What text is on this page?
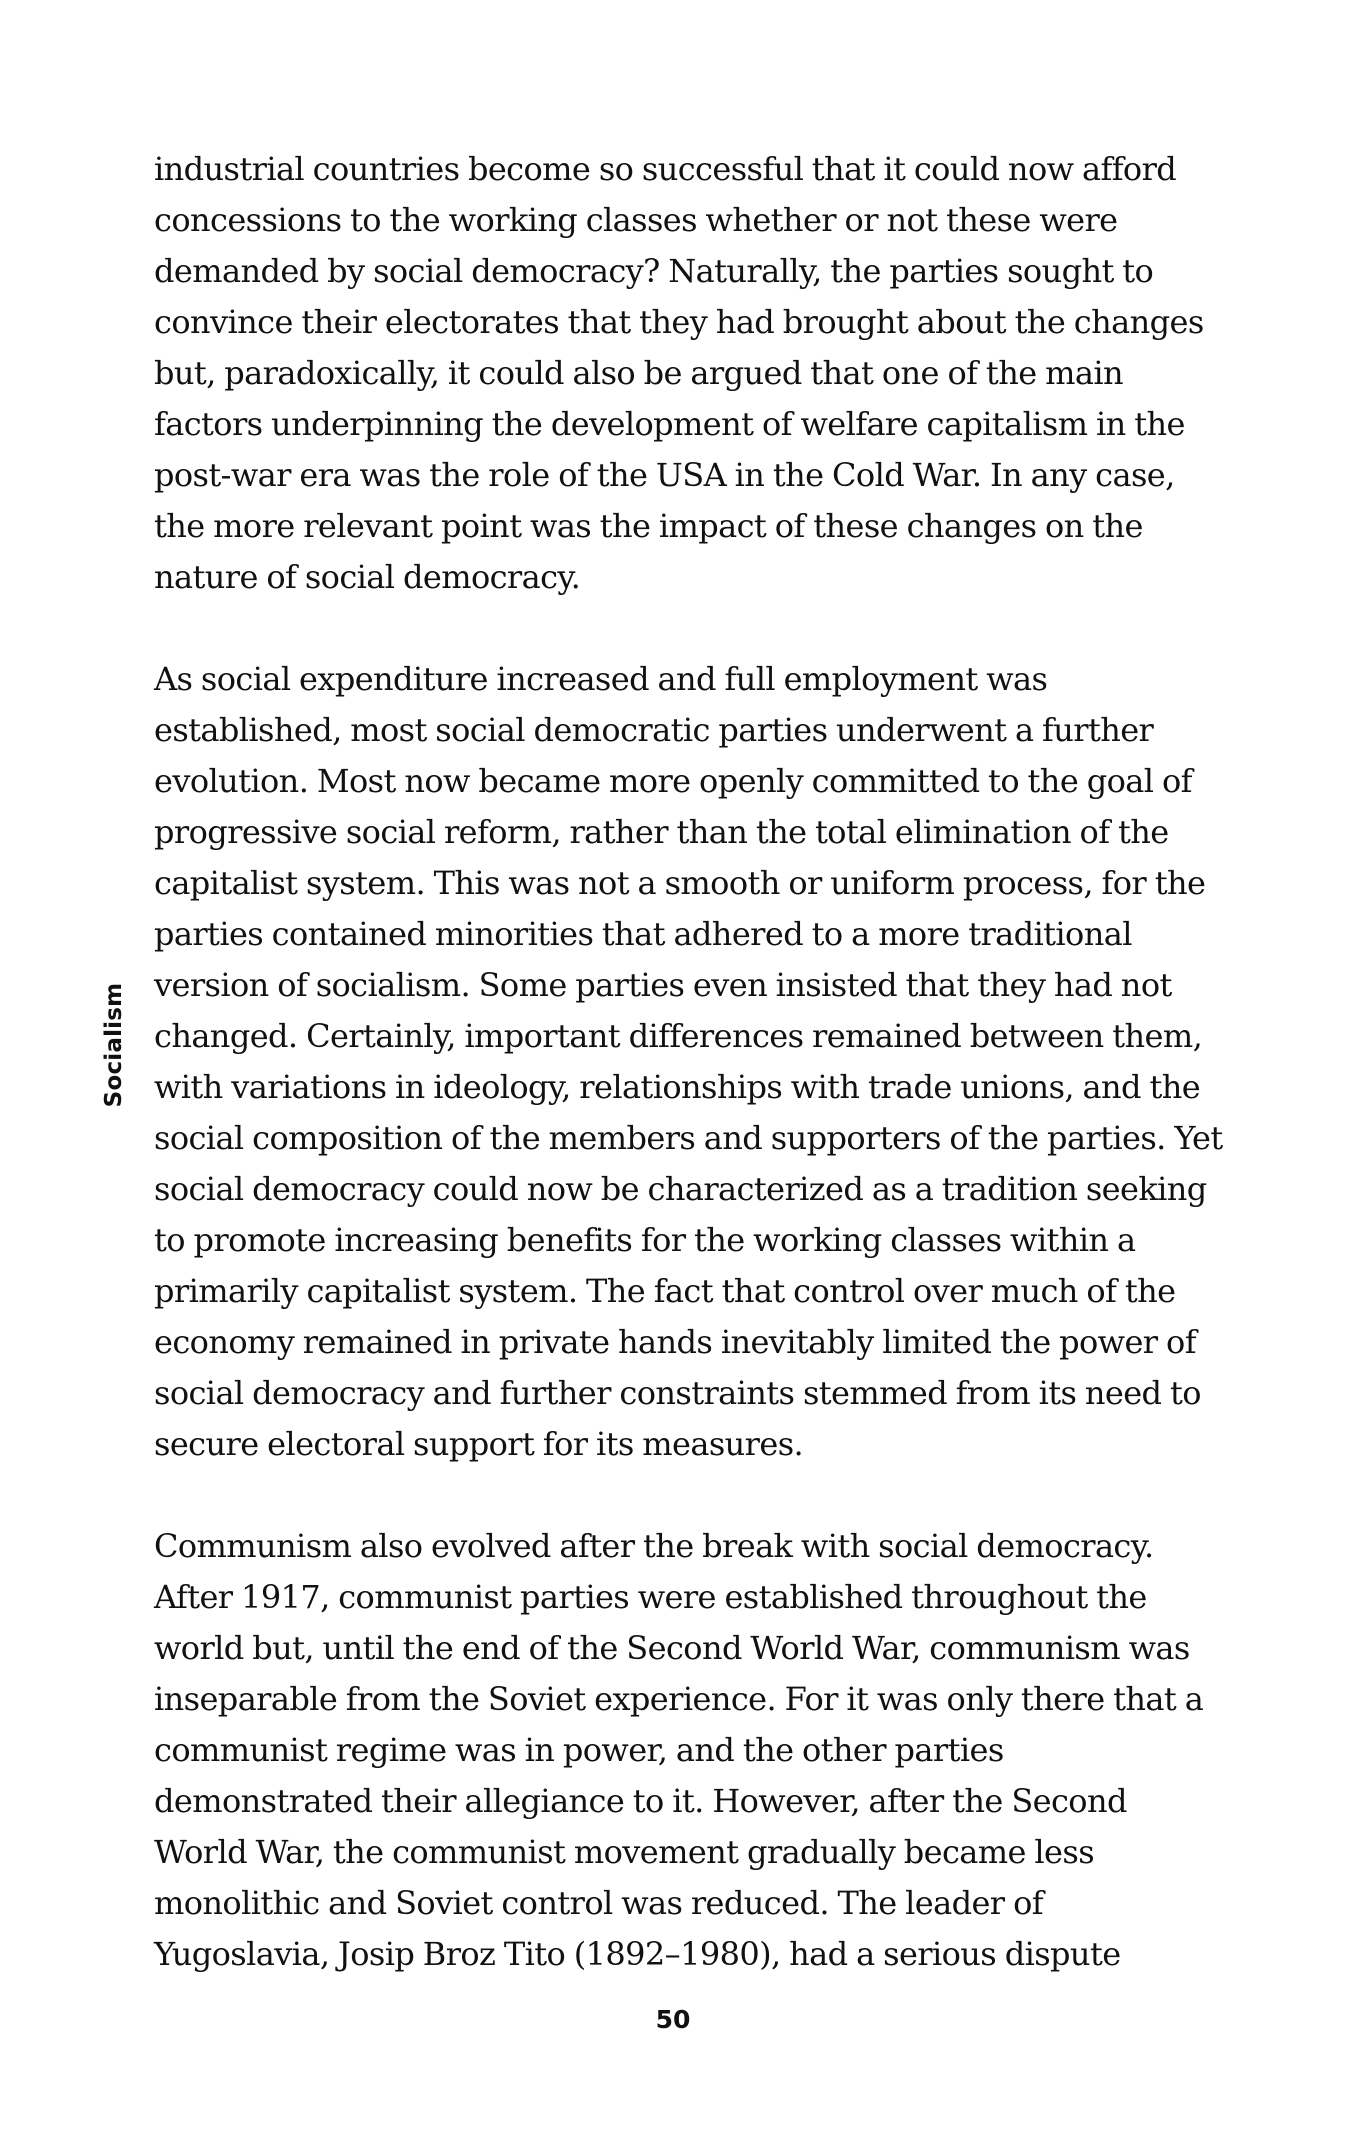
Socialism

industrial countries become so successful that it could now afford concessions to the working classes whether or not these were demanded by social democracy? Naturally, the parties sought to convince their electorates that they had brought about the changes but, paradoxically, it could also be argued that one of the main factors underpinning the development of welfare capitalism in the post-war era was the role of the USA in the Cold War. In any case, the more relevant point was the impact of these changes on the nature of social democracy.

As social expenditure increased and full employment was established, most social democratic parties underwent a further evolution. Most now became more openly committed to the goal of progressive social reform, rather than the total elimination of the capitalist system. This was not a smooth or uniform process, for the parties contained minorities that adhered to a more traditional version of socialism. Some parties even insisted that they had not changed. Certainly, important differences remained between them, with variations in ideology, relationships with trade unions, and the social composition of the members and supporters of the parties. Yet social democracy could now be characterized as a tradition seeking to promote increasing benefits for the working classes within a primarily capitalist system. The fact that control over much of the economy remained in private hands inevitably limited the power of social democracy and further constraints stemmed from its need to secure electoral support for its measures.

Communism also evolved after the break with social democracy. After 1917, communist parties were established throughout the world but, until the end of the Second World War, communism was inseparable from the Soviet experience. For it was only there that a communist regime was in power, and the other parties demonstrated their allegiance to it. However, after the Second World War, the communist movement gradually became less monolithic and Soviet control was reduced. The leader of Yugoslavia, Josip Broz Tito (1892–1980), had a serious dispute

50
